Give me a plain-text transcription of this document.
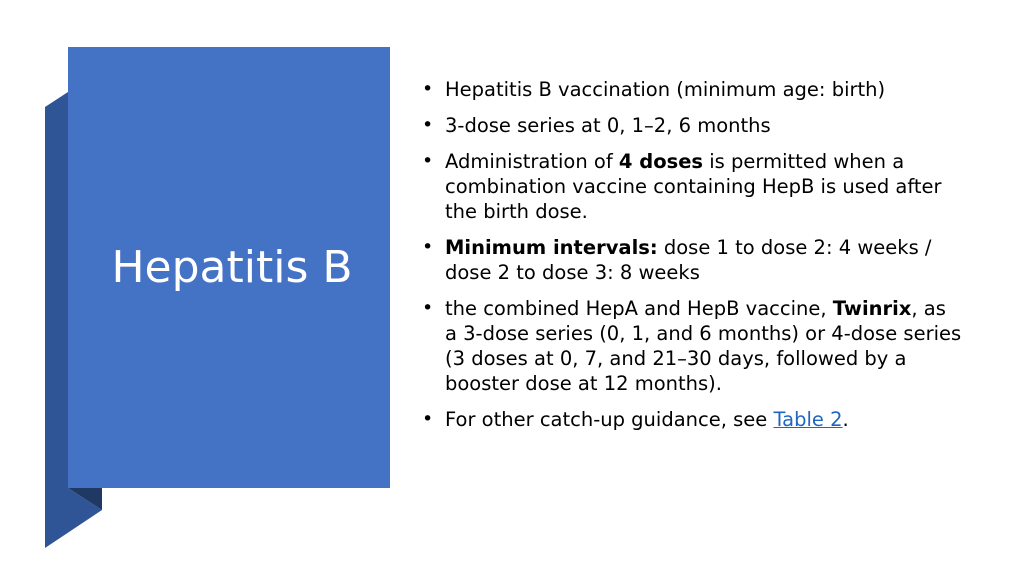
Hepatitis B
• Hepatitis B vaccination (minimum age: birth)
• 3-dose series at 0, 1–2, 6 months
• Administration of 4 doses is permitted when a combination vaccine containing HepB is used after the birth dose.
• Minimum intervals: dose 1 to dose 2: 4 weeks / dose 2 to dose 3: 8 weeks
• the combined HepA and HepB vaccine, Twinrix, as a 3-dose series (0, 1, and 6 months) or 4-dose series (3 doses at 0, 7, and 21–30 days, followed by a booster dose at 12 months).
• For other catch-up guidance, see Table 2.
